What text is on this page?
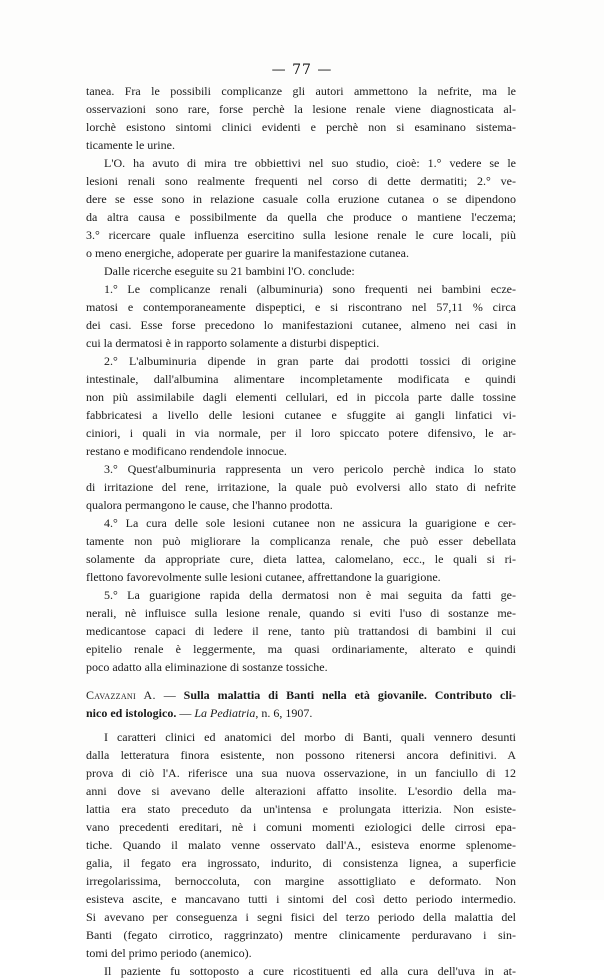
— 77 —
tanea. Fra le possibili complicanze gli autori ammettono la nefrite, ma le
osservazioni sono rare, forse perchè la lesione renale viene diagnosticata al-
lorchè esistono sintomi clinici evidenti e perchè non si esaminano sistema-
ticamente le urine.
L'O. ha avuto di mira tre obbiettivi nel suo studio, cioè: 1.° vedere se le
lesioni renali sono realmente frequenti nel corso di dette dermatiti; 2.° ve-
dere se esse sono in relazione casuale colla eruzione cutanea o se dipendono
da altra causa e possibilmente da quella che produce o mantiene l'eczema;
3.° ricercare quale influenza esercitino sulla lesione renale le cure locali, più
o meno energiche, adoperate per guarire la manifestazione cutanea.
Dalle ricerche eseguite su 21 bambini l'O. conclude:
1.° Le complicanze renali (albuminuria) sono frequenti nei bambini ecze-
matosi e contemporaneamente dispeptici, e si riscontrano nel 57,11 % circa
dei casi. Esse forse precedono lo manifestazioni cutanee, almeno nei casi in
cui la dermatosi è in rapporto solamente a disturbi dispeptici.
2.° L'albuminuria dipende in gran parte dai prodotti tossici di origine
intestinale, dall'albumina alimentare incompletamente modificata e quindi
non più assimilabile dagli elementi cellulari, ed in piccola parte dalle tossine
fabbricatesi a livello delle lesioni cutanee e sfuggite ai gangli linfatici vi-
ciniori, i quali in via normale, per il loro spiccato potere difensivo, le ar-
restano e modificano rendendole innocue.
3.° Quest'albuminuria rappresenta un vero pericolo perchè indica lo stato
di irritazione del rene, irritazione, la quale può evolversi allo stato di nefrite
qualora permangono le cause, che l'hanno prodotta.
4.° La cura delle sole lesioni cutanee non ne assicura la guarigione e cer-
tamente non può migliorare la complicanza renale, che può esser debellata
solamente da appropriate cure, dieta lattea, calomelano, ecc., le quali si ri-
flettono favorevolmente sulle lesioni cutanee, affrettandone la guarigione.
5.° La guarigione rapida della dermatosi non è mai seguita da fatti ge-
nerali, nè influisce sulla lesione renale, quando si eviti l'uso di sostanze me-
medicantose capaci di ledere il rene, tanto più trattandosi di bambini il cui
epitelio renale è leggermente, ma quasi ordinariamente, alterato e quindi
poco adatto alla eliminazione di sostanze tossiche.
Cavazzani A. — Sulla malattia di Banti nella età giovanile. Contributo cli-
nico ed istologico. — La Pediatria, n. 6, 1907.
I caratteri clinici ed anatomici del morbo di Banti, quali vennero desunti
dalla letteratura finora esistente, non possono ritenersi ancora definitivi. A
prova di ciò l'A. riferisce una sua nuova osservazione, in un fanciullo di 12
anni dove si avevano delle alterazioni affatto insolite. L'esordio della ma-
lattia era stato preceduto da un'intensa e prolungata itterizia. Non esiste-
vano precedenti ereditari, nè i comuni momenti eziologici delle cirrosi epa-
tiche. Quando il malato venne osservato dall'A., esisteva enorme splenome-
galia, il fegato era ingrossato, indurito, di consistenza lignea, a superficie
irregolarissima, bernoccoluta, con margine assottigliato e deformato. Non
esisteva ascite, e mancavano tutti i sintomi del così detto periodo intermedio.
Si avevano per conseguenza i segni fisici del terzo periodo della malattia del
Banti (fegato cirrotico, raggrinzato) mentre clinicamente perduravano i sin-
tomi del primo periodo (anemico).
Il paziente fu sottoposto a cure ricostituenti ed alla cura dell'uva in at-
